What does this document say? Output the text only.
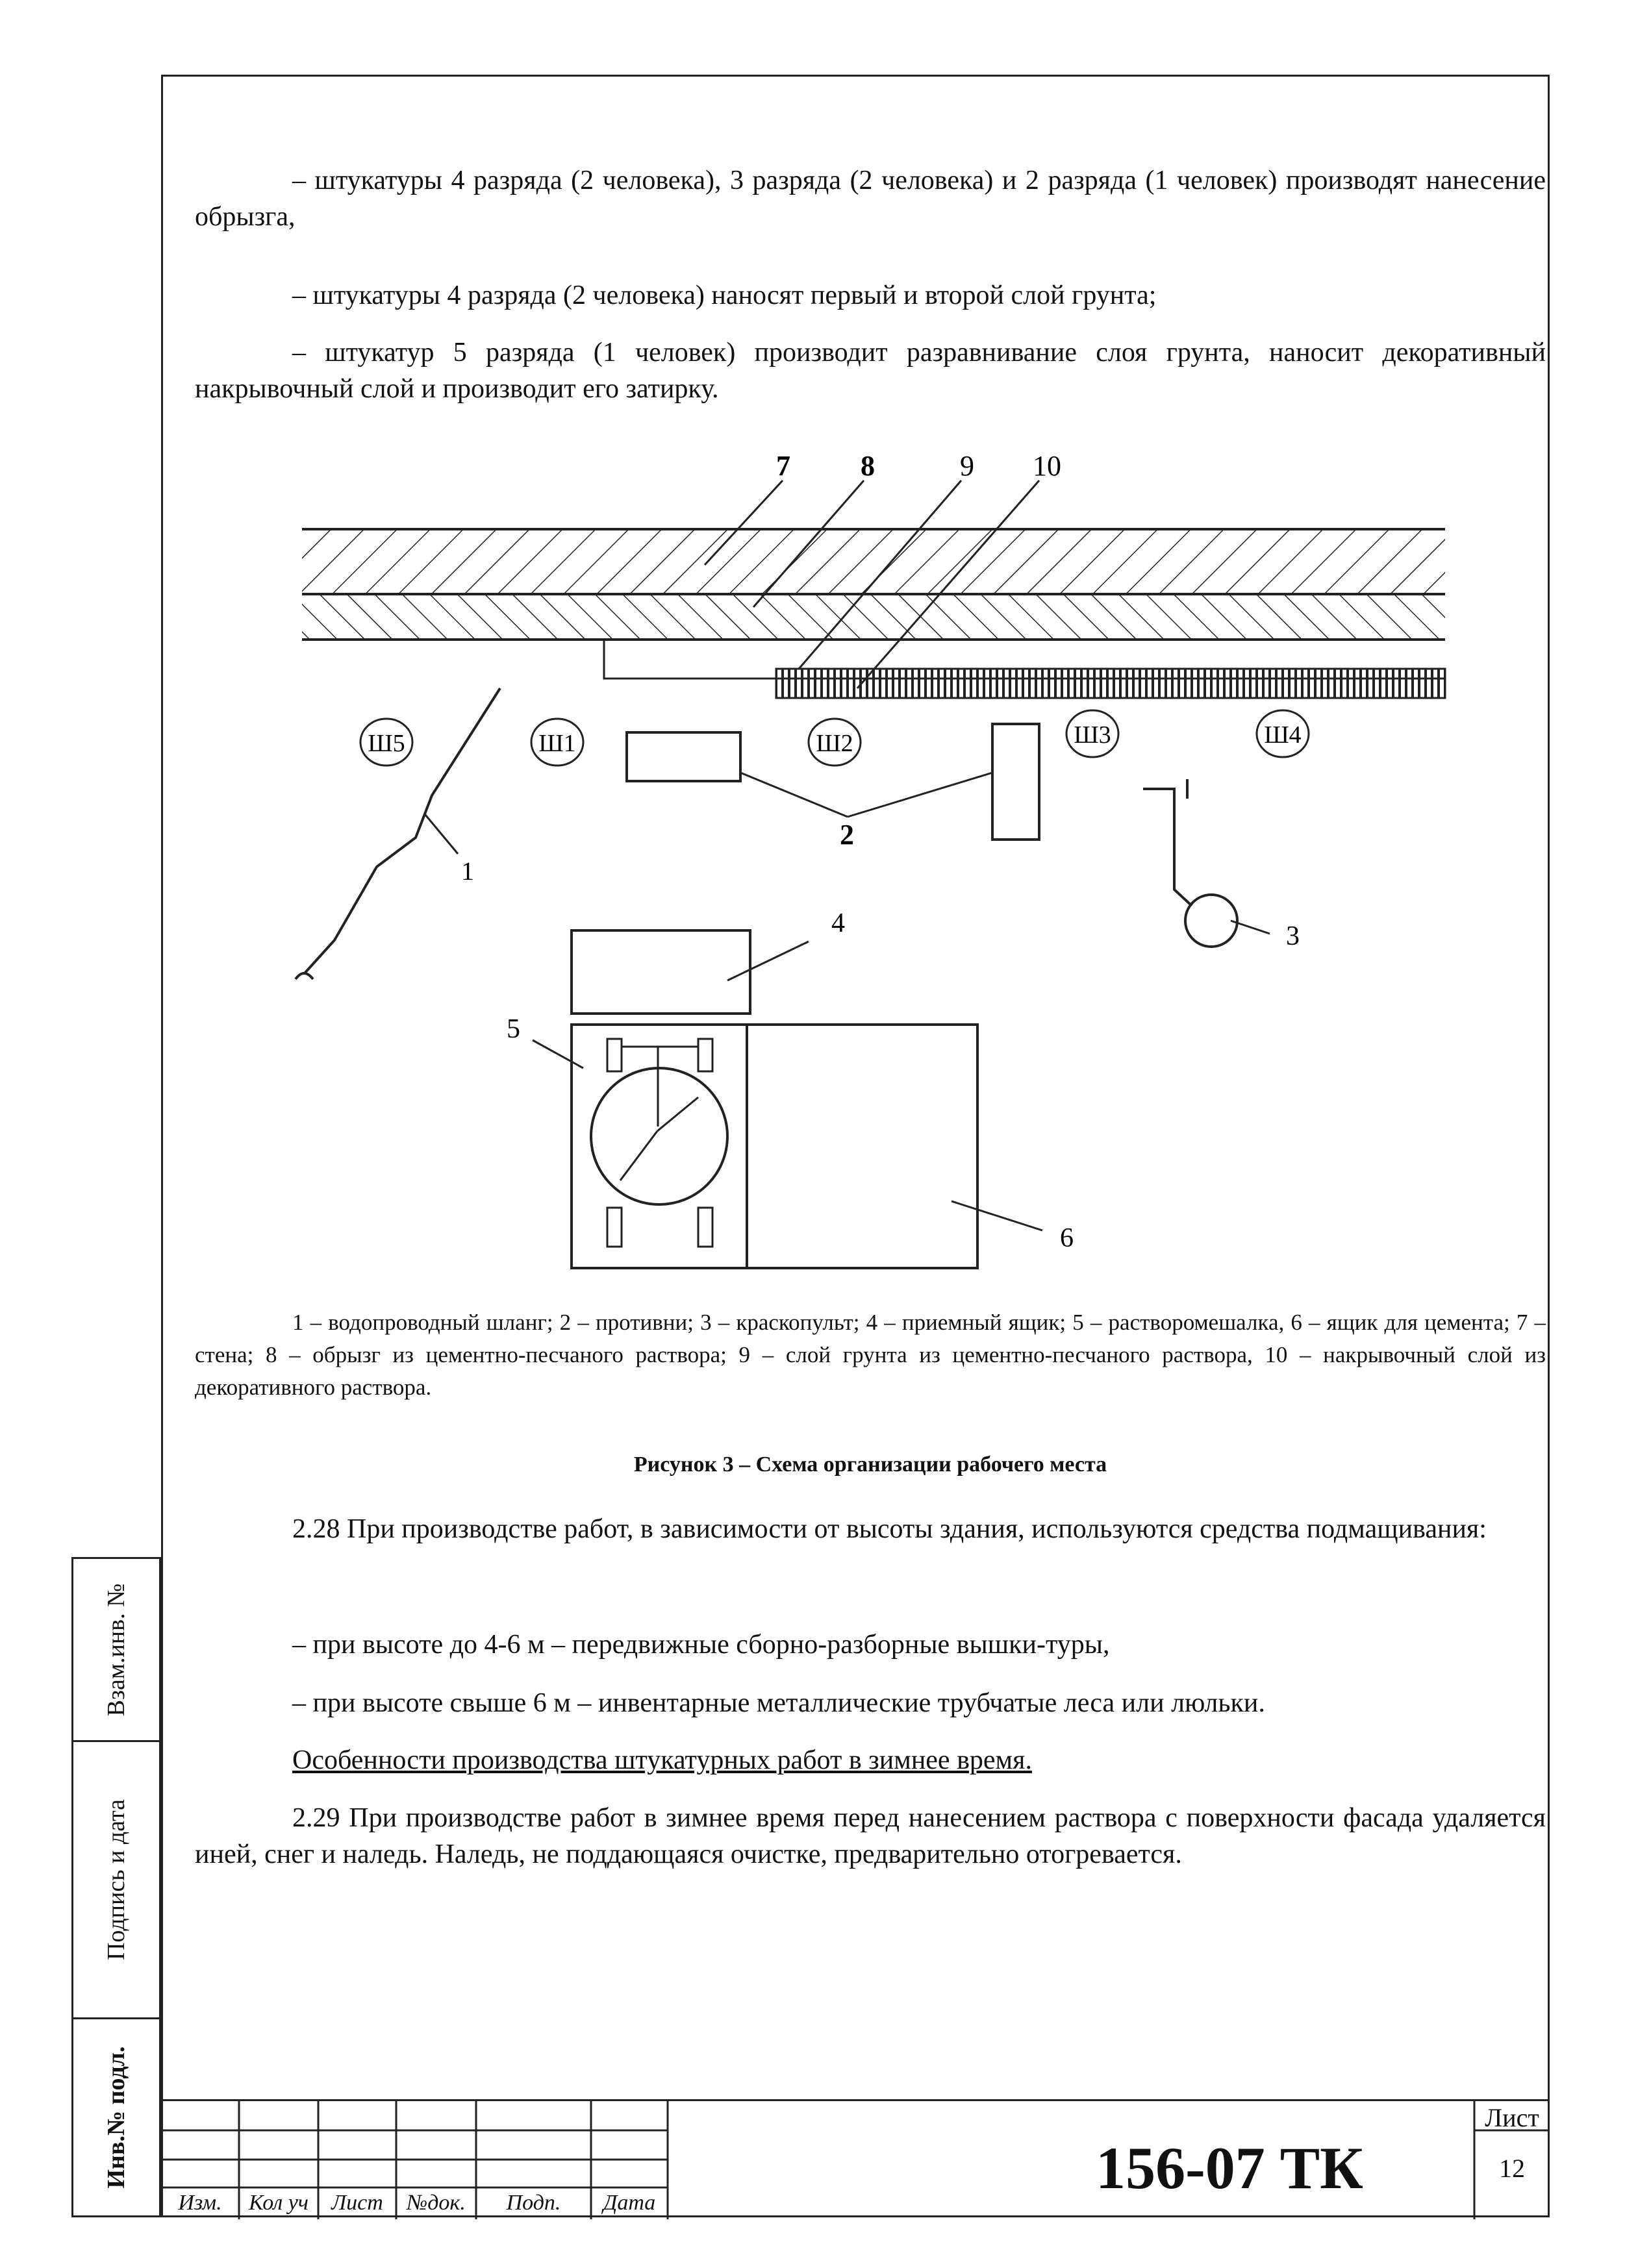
Взам.инв. №
Подпись и дата
Инв.№ подл.

– штукатуры 4 разряда (2 человека), 3 разряда (2 человека) и 2 разряда (1 человек) производят нанесение обрызга,

– штукатуры 4 разряда (2 человека) наносят первый и второй слой грунта;

– штукатур 5 разряда (1 человек) производит разравнивание слоя грунта, наносит декоративный накрывочный слой и производит его затирку.

7 8	9 10
Ш5	Ш1	Ш2	Ш3	Ш4
1
2
3
4
5
6

1 – водопроводный шланг; 2 – противни; 3 – краскопульт; 4 – приемный ящик; 5 – растворомешалка, 6 – ящик для цемента; 7 – стена; 8 – обрызг из цементно-песчаного раствора; 9 – слой грунта из цементно-песчаного раствора, 10 – накрывочный слой из декоративного раствора.

Рисунок 3 – Схема организации рабочего места

2.28 При производстве работ, в зависимости от высоты здания, используются средства подмащивания:

– при высоте до 4-6 м – передвижные сборно-разборные вышки-туры,

– при высоте свыше 6 м – инвентарные металлические трубчатые леса или люльки.

Особенности производства штукатурных работ в зимнее время.

2.29 При производстве работ в зимнее время перед нанесением раствора с поверхности фасада удаляется иней, снег и наледь. Наледь, не поддающаяся очистке, предварительно отогревается.

Изм.	Кол уч	Лист	№док.	Подп.	Дата
156-07 ТК
Лист
12
